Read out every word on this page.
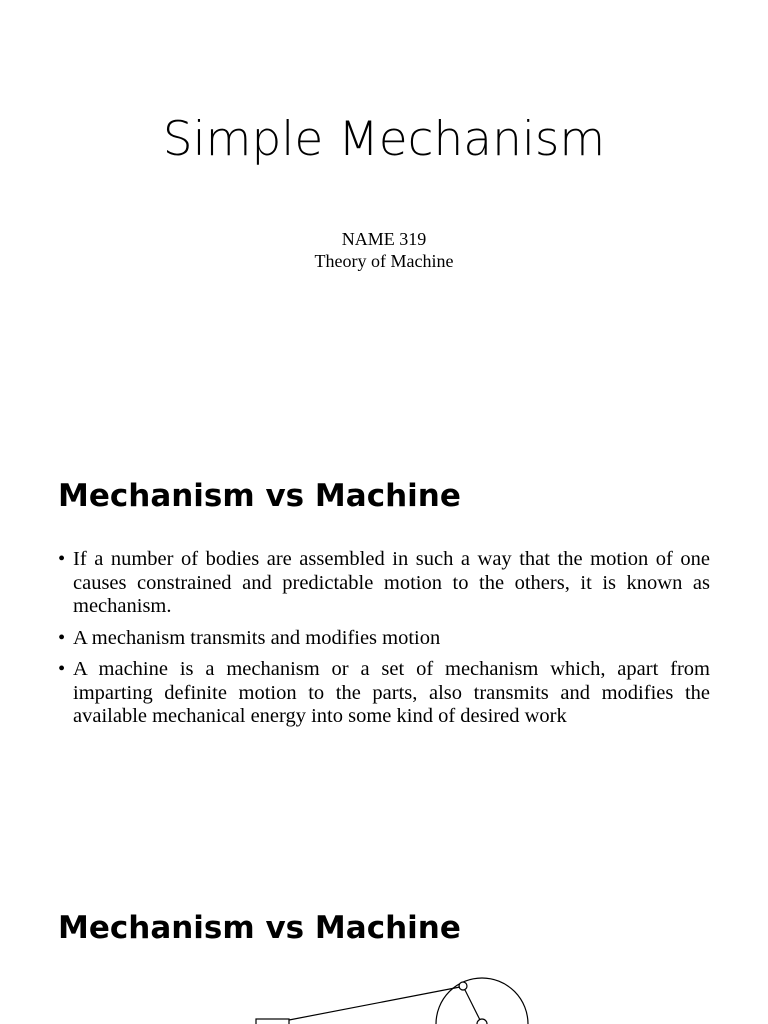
Simple Mechanism
NAME 319
Theory of Machine
Mechanism vs Machine
• If a number of bodies are assembled in such a way that the motion of one causes constrained and predictable motion to the others, it is known as mechanism.
• A mechanism transmits and modifies motion
• A machine is a mechanism or a set of mechanism which, apart from imparting definite motion to the parts, also transmits and modifies the available mechanical energy into some kind of desired work
Mechanism vs Machine
